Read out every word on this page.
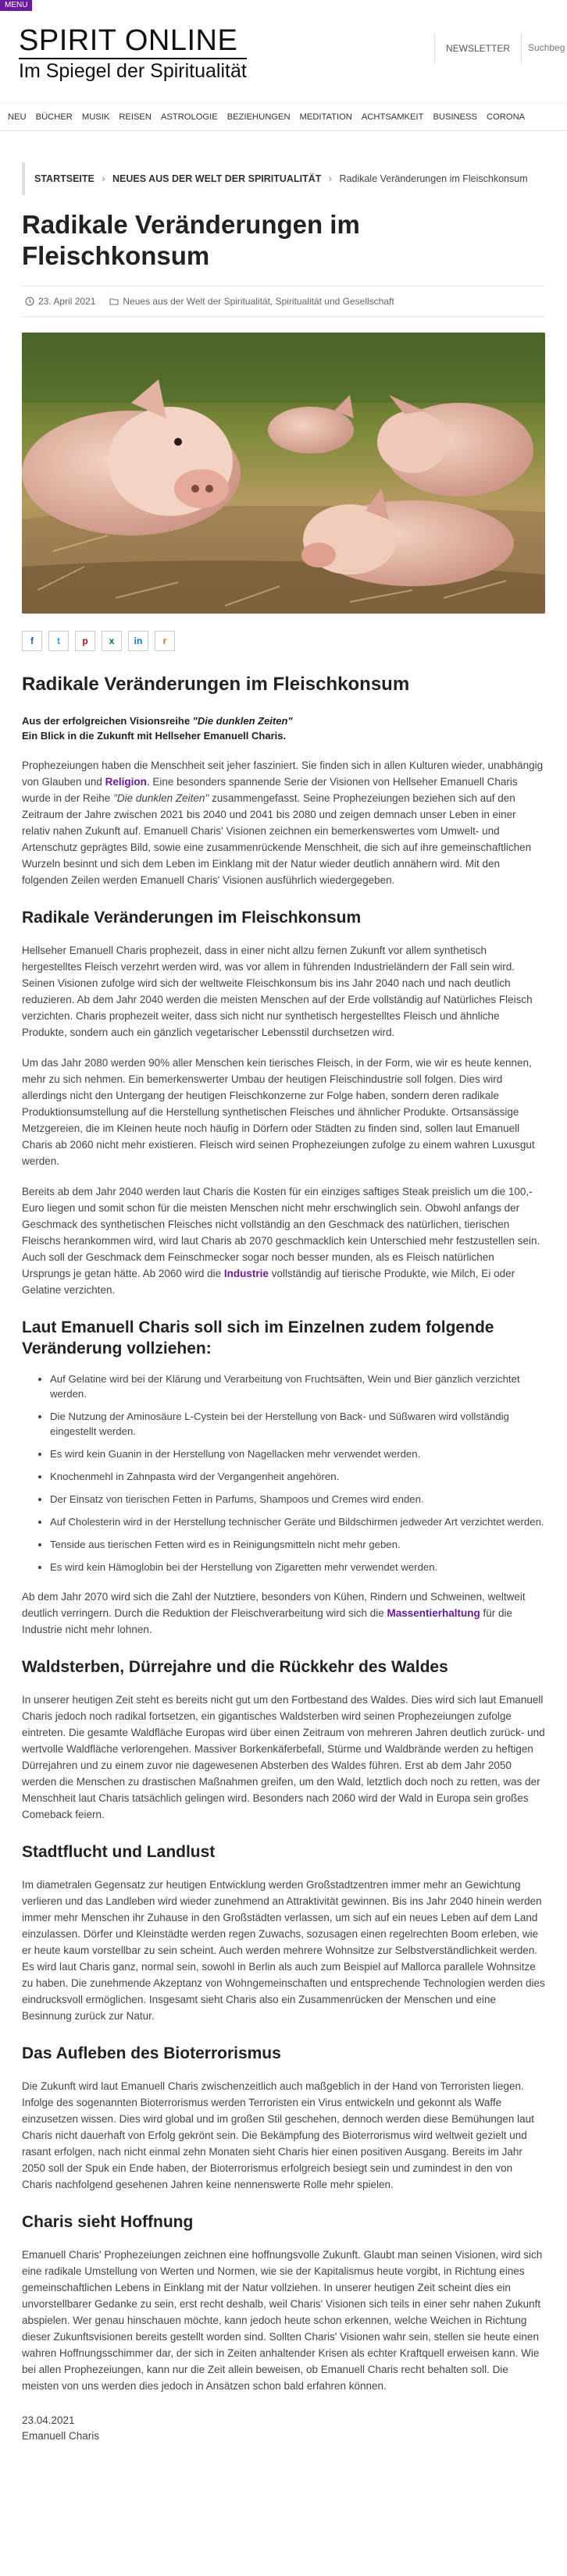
MENU
SPIRIT ONLINE
Im Spiegel der Spiritualität
NEWSLETTER	Suchbeg
NEU BÜCHER MUSIK REISEN ASTROLOGIE BEZIEHUNGEN MEDITATION ACHTSAMKEIT BUSINESS CORONA
STARTSEITE › NEUES AUS DER WELT DER SPIRITUALITÄT › Radikale Veränderungen im Fleischkonsum
Radikale Veränderungen im Fleischkonsum
23. April 2021	Neues aus der Welt der Spiritualität, Spiritualität und Gesellschaft
f	t	p	x	in	r
Radikale Veränderungen im Fleischkonsum
Aus der erfolgreichen Visionsreihe "Die dunklen Zeiten"
Ein Blick in die Zukunft mit Hellseher Emanuell Charis.

Prophezeiungen haben die Menschheit seit jeher fasziniert. Sie finden sich in allen Kulturen wieder, unabhängig von Glauben und Religion. Eine besonders spannende Serie der Visionen von Hellseher Emanuell Charis wurde in der Reihe "Die dunklen Zeiten" zusammengefasst. Seine Prophezeiungen beziehen sich auf den Zeitraum der Jahre zwischen 2021 bis 2040 und 2041 bis 2080 und zeigen demnach unser Leben in einer relativ nahen Zukunft auf. Emanuell Charis' Visionen zeichnen ein bemerkenswertes vom Umwelt- und Artenschutz geprägtes Bild, sowie eine zusammenrückende Menschheit, die sich auf ihre gemeinschaftlichen Wurzeln besinnt und sich dem Leben im Einklang mit der Natur wieder deutlich annähern wird. Mit den folgenden Zeilen werden Emanuell Charis' Visionen ausführlich wiedergegeben.

Radikale Veränderungen im Fleischkonsum

Hellseher Emanuell Charis prophezeit, dass in einer nicht allzu fernen Zukunft vor allem synthetisch hergestelltes Fleisch verzehrt werden wird, was vor allem in führenden Industrieländern der Fall sein wird. Seinen Visionen zufolge wird sich der weltweite Fleischkonsum bis ins Jahr 2040 nach und nach deutlich reduzieren. Ab dem Jahr 2040 werden die meisten Menschen auf der Erde vollständig auf Natürliches Fleisch verzichten. Charis prophezeit weiter, dass sich nicht nur synthetisch hergestelltes Fleisch und ähnliche Produkte, sondern auch ein gänzlich vegetarischer Lebensstil durchsetzen wird.

Um das Jahr 2080 werden 90% aller Menschen kein tierisches Fleisch, in der Form, wie wir es heute kennen, mehr zu sich nehmen. Ein bemerkenswerter Umbau der heutigen Fleischindustrie soll folgen. Dies wird allerdings nicht den Untergang der heutigen Fleischkonzerne zur Folge haben, sondern deren radikale Produktionsumstellung auf die Herstellung synthetischen Fleisches und ähnlicher Produkte. Ortsansässige Metzgereien, die im Kleinen heute noch häufig in Dörfern oder Städten zu finden sind, sollen laut Emanuell Charis ab 2060 nicht mehr existieren. Fleisch wird seinen Prophezeiungen zufolge zu einem wahren Luxusgut werden.

Bereits ab dem Jahr 2040 werden laut Charis die Kosten für ein einziges saftiges Steak preislich um die 100,- Euro liegen und somit schon für die meisten Menschen nicht mehr erschwinglich sein. Obwohl anfangs der Geschmack des synthetischen Fleisches nicht vollständig an den Geschmack des natürlichen, tierischen Fleischs herankommen wird, wird laut Charis ab 2070 geschmacklich kein Unterschied mehr festzustellen sein. Auch soll der Geschmack dem Feinschmecker sogar noch besser munden, als es Fleisch natürlichen Ursprungs je getan hätte. Ab 2060 wird die Industrie vollständig auf tierische Produkte, wie Milch, Ei oder Gelatine verzichten.

Laut Emanuell Charis soll sich im Einzelnen zudem folgende Veränderung vollziehen:
• Auf Gelatine wird bei der Klärung und Verarbeitung von Fruchtsäften, Wein und Bier gänzlich verzichtet werden.
• Die Nutzung der Aminosäure L-Cystein bei der Herstellung von Back- und Süßwaren wird vollständig eingestellt werden.
• Es wird kein Guanin in der Herstellung von Nagellacken mehr verwendet werden.
• Knochenmehl in Zahnpasta wird der Vergangenheit angehören.
• Der Einsatz von tierischen Fetten in Parfums, Shampoos und Cremes wird enden.
• Auf Cholesterin wird in der Herstellung technischer Geräte und Bildschirmen jedweder Art verzichtet werden.
• Tenside aus tierischen Fetten wird es in Reinigungsmitteln nicht mehr geben.
• Es wird kein Hämoglobin bei der Herstellung von Zigaretten mehr verwendet werden.

Ab dem Jahr 2070 wird sich die Zahl der Nutztiere, besonders von Kühen, Rindern und Schweinen, weltweit deutlich verringern. Durch die Reduktion der Fleischverarbeitung wird sich die Massentierhaltung für die Industrie nicht mehr lohnen.

Waldsterben, Dürrejahre und die Rückkehr des Waldes

In unserer heutigen Zeit steht es bereits nicht gut um den Fortbestand des Waldes. Dies wird sich laut Emanuell Charis jedoch noch radikal fortsetzen, ein gigantisches Waldsterben wird seinen Prophezeiungen zufolge eintreten. Die gesamte Waldfläche Europas wird über einen Zeitraum von mehreren Jahren deutlich zurück- und wertvolle Waldfläche verlorengehen. Massiver Borkenkäferbefall, Stürme und Waldbrände werden zu heftigen Dürrejahren und zu einem zuvor nie dagewesenen Absterben des Waldes führen. Erst ab dem Jahr 2050 werden die Menschen zu drastischen Maßnahmen greifen, um den Wald, letztlich doch noch zu retten, was der Menschheit laut Charis tatsächlich gelingen wird. Besonders nach 2060 wird der Wald in Europa sein großes Comeback feiern.

Stadtflucht und Landlust

Im diametralen Gegensatz zur heutigen Entwicklung werden Großstadtzentren immer mehr an Gewichtung verlieren und das Landleben wird wieder zunehmend an Attraktivität gewinnen. Bis ins Jahr 2040 hinein werden immer mehr Menschen ihr Zuhause in den Großstädten verlassen, um sich auf ein neues Leben auf dem Land einzulassen. Dörfer und Kleinstädte werden regen Zuwachs, sozusagen einen regelrechten Boom erleben, wie er heute kaum vorstellbar zu sein scheint. Auch werden mehrere Wohnsitze zur Selbstverständlichkeit werden. Es wird laut Charis ganz, normal sein, sowohl in Berlin als auch zum Beispiel auf Mallorca parallele Wohnsitze zu haben. Die zunehmende Akzeptanz von Wohngemeinschaften und entsprechende Technologien werden dies eindrucksvoll ermöglichen. Insgesamt sieht Charis also ein Zusammenrücken der Menschen und eine Besinnung zurück zur Natur.

Das Aufleben des Bioterrorismus

Die Zukunft wird laut Emanuell Charis zwischenzeitlich auch maßgeblich in der Hand von Terroristen liegen. Infolge des sogenannten Bioterrorismus werden Terroristen ein Virus entwickeln und gekonnt als Waffe einzusetzen wissen. Dies wird global und im großen Stil geschehen, dennoch werden diese Bemühungen laut Charis nicht dauerhaft von Erfolg gekrönt sein. Die Bekämpfung des Bioterrorismus wird weltweit gezielt und rasant erfolgen, nach nicht einmal zehn Monaten sieht Charis hier einen positiven Ausgang. Bereits im Jahr 2050 soll der Spuk ein Ende haben, der Bioterrorismus erfolgreich besiegt sein und zumindest in den von Charis nachfolgend gesehenen Jahren keine nennenswerte Rolle mehr spielen.

Charis sieht Hoffnung

Emanuell Charis' Prophezeiungen zeichnen eine hoffnungsvolle Zukunft. Glaubt man seinen Visionen, wird sich eine radikale Umstellung von Werten und Normen, wie sie der Kapitalismus heute vorgibt, in Richtung eines gemeinschaftlichen Lebens in Einklang mit der Natur vollziehen. In unserer heutigen Zeit scheint dies ein unvorstellbarer Gedanke zu sein, erst recht deshalb, weil Charis' Visionen sich teils in einer sehr nahen Zukunft abspielen. Wer genau hinschauen möchte, kann jedoch heute schon erkennen, welche Weichen in Richtung dieser Zukunftsvisionen bereits gestellt worden sind. Sollten Charis' Visionen wahr sein, stellen sie heute einen wahren Hoffnungsschimmer dar, der sich in Zeiten anhaltender Krisen als echter Kraftquell erweisen kann. Wie bei allen Prophezeiungen, kann nur die Zeit allein beweisen, ob Emanuell Charis recht behalten soll. Die meisten von uns werden dies jedoch in Ansätzen schon bald erfahren können.

23.04.2021
Emanuell Charis
